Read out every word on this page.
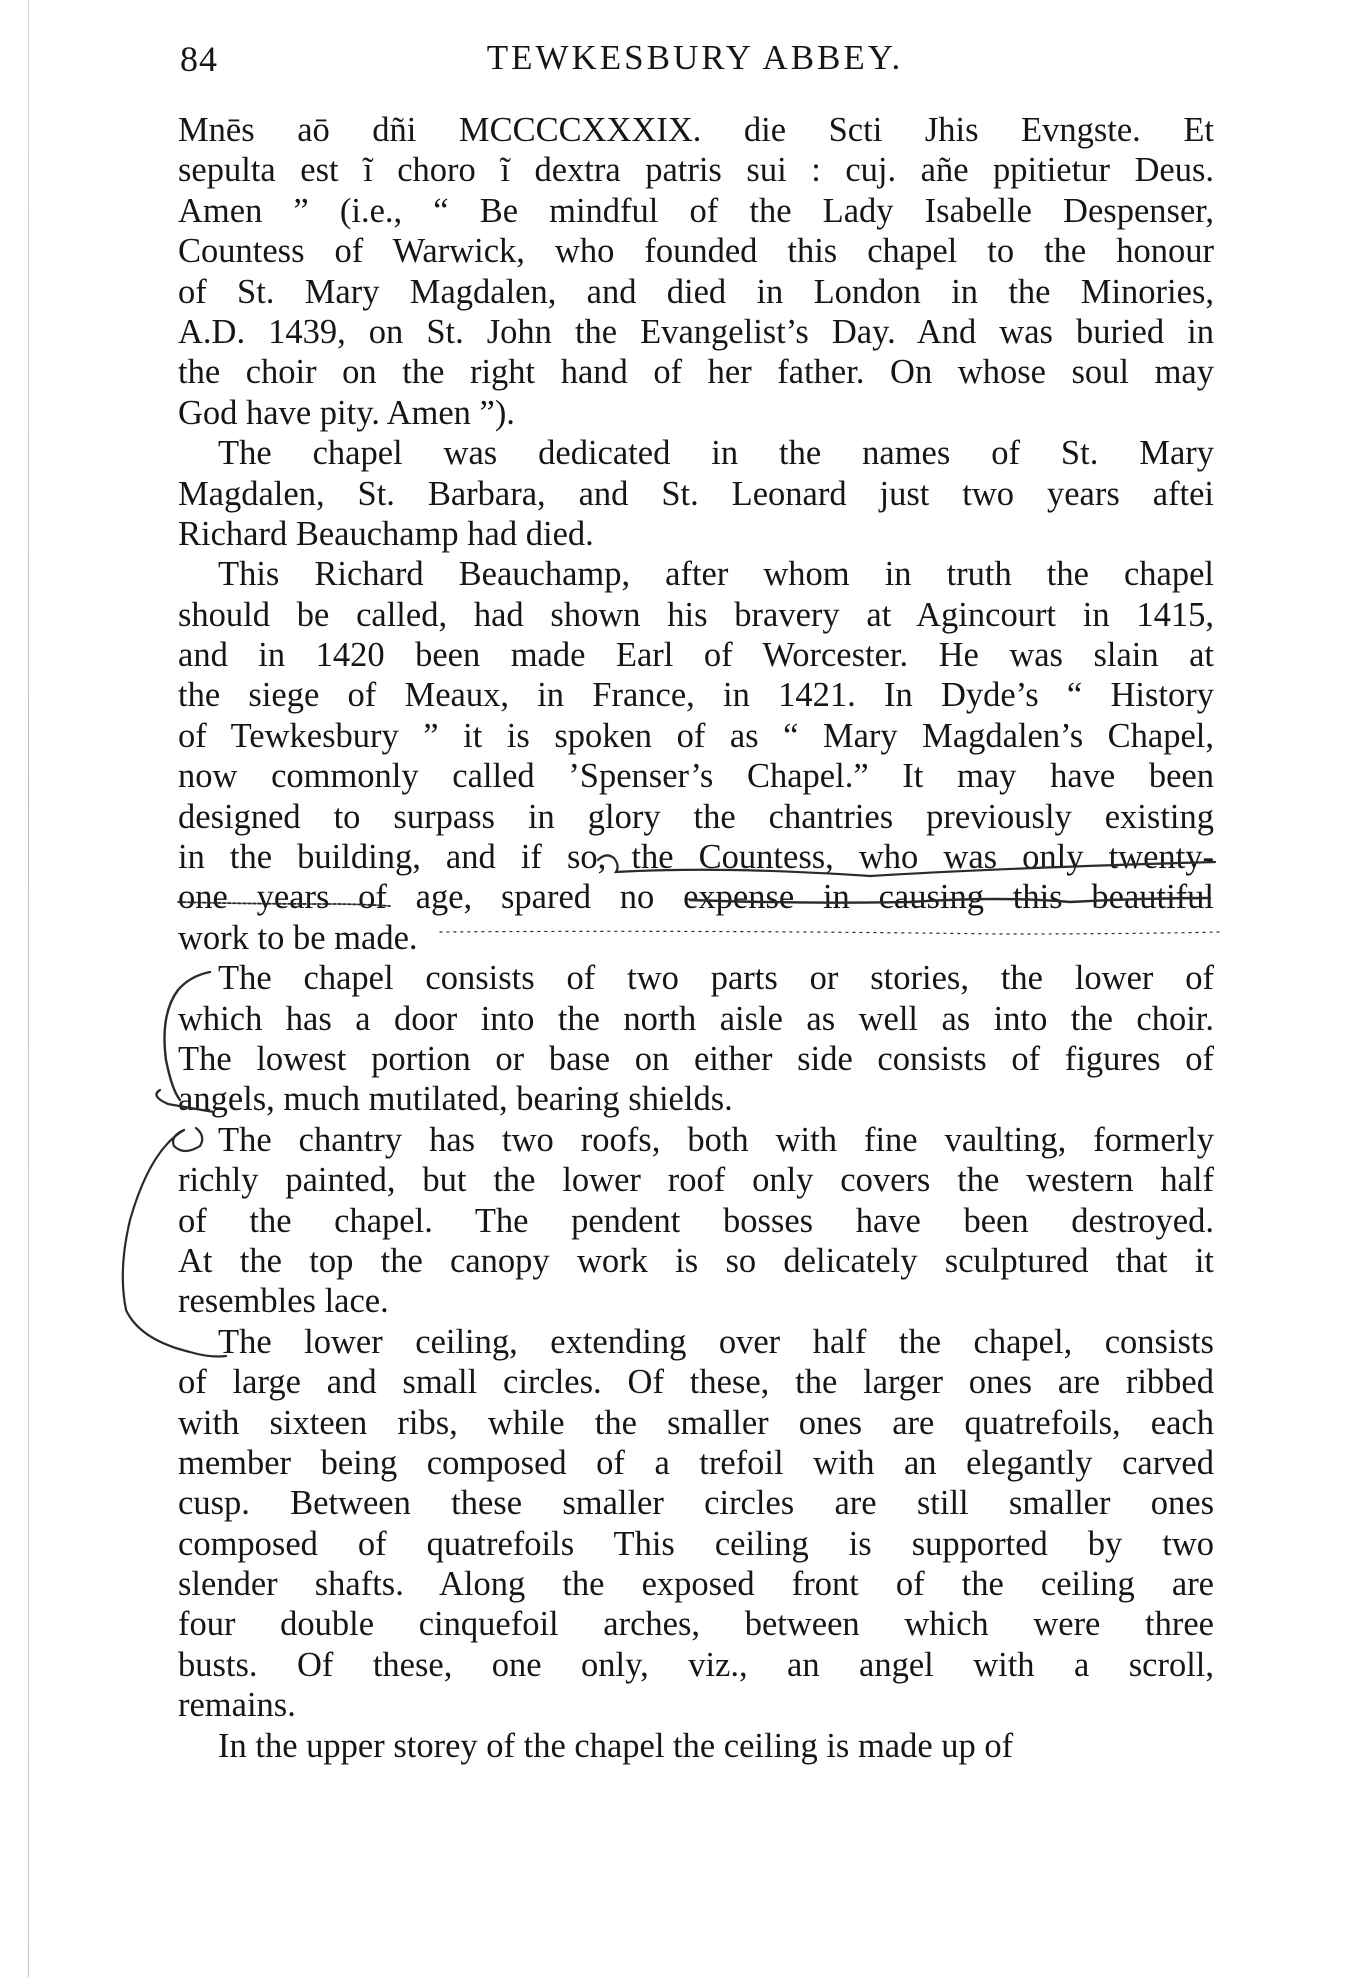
84	TEWKESBURY ABBEY.
Mnēs aō dñi MCCCCXXXIX. die Scti Jhis Evngste. Et
sepulta est ĩ choro ĩ dextra patris sui : cuj. añe ppitietur Deus.
Amen ” (i.e., “ Be mindful of the Lady Isabelle Despenser,
Countess of Warwick, who founded this chapel to the honour
of St. Mary Magdalen, and died in London in the Minories,
A.D. 1439, on St. John the Evangelist’s Day. And was buried in
the choir on the right hand of her father. On whose soul may
God have pity. Amen ”).
The chapel was dedicated in the names of St. Mary
Magdalen, St. Barbara, and St. Leonard just two years aftei
Richard Beauchamp had died.
This Richard Beauchamp, after whom in truth the chapel
should be called, had shown his bravery at Agincourt in 1415,
and in 1420 been made Earl of Worcester. He was slain at
the siege of Meaux, in France, in 1421. In Dyde’s “ History
of Tewkesbury ” it is spoken of as “ Mary Magdalen’s Chapel,
now commonly called ’Spenser’s Chapel.” It may have been
designed to surpass in glory the chantries previously existing
in the building, and if so, the Countess, who was only twenty-
one years of age, spared no expense in causing this beautiful
work to be made.
The chapel consists of two parts or stories, the lower of
which has a door into the north aisle as well as into the choir.
The lowest portion or base on either side consists of figures of
angels, much mutilated, bearing shields.
The chantry has two roofs, both with fine vaulting, formerly
richly painted, but the lower roof only covers the western half
of the chapel. The pendent bosses have been destroyed.
At the top the canopy work is so delicately sculptured that it
resembles lace.
The lower ceiling, extending over half the chapel, consists
of large and small circles. Of these, the larger ones are ribbed
with sixteen ribs, while the smaller ones are quatrefoils, each
member being composed of a trefoil with an elegantly carved
cusp. Between these smaller circles are still smaller ones
composed of quatrefoils This ceiling is supported by two
slender shafts. Along the exposed front of the ceiling are
four double cinquefoil arches, between which were three
busts. Of these, one only, viz., an angel with a scroll,
remains.
In the upper storey of the chapel the ceiling is made up of
